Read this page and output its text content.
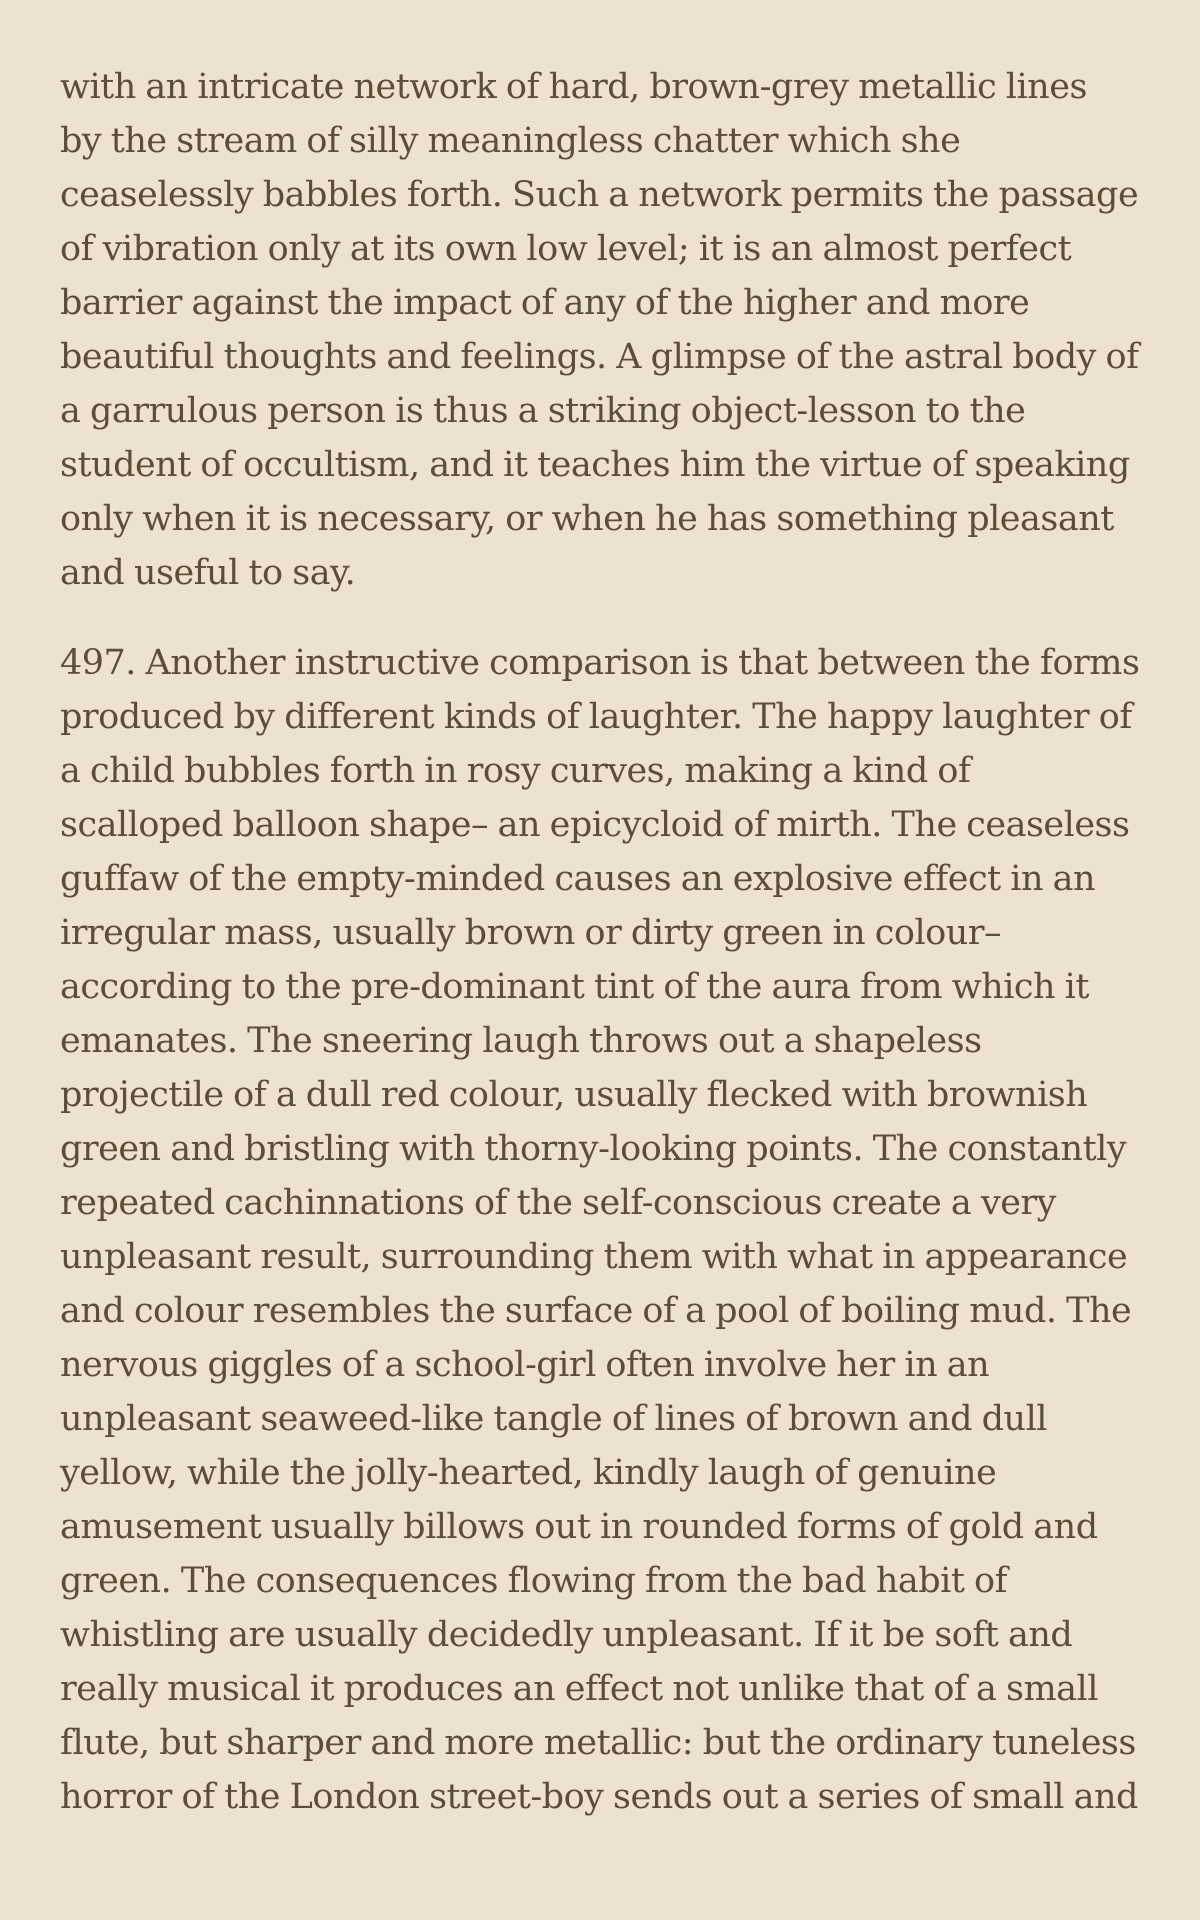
with an intricate network of hard, brown-grey metallic lines
by the stream of silly meaningless chatter which she
ceaselessly babbles forth. Such a network permits the passage
of vibration only at its own low level; it is an almost perfect
barrier against the impact of any of the higher and more
beautiful thoughts and feelings. A glimpse of the astral body of
a garrulous person is thus a striking object-lesson to the
student of occultism, and it teaches him the virtue of speaking
only when it is necessary, or when he has something pleasant
and useful to say.

497. Another instructive comparison is that between the forms
produced by different kinds of laughter. The happy laughter of
a child bubbles forth in rosy curves, making a kind of
scalloped balloon shape– an epicycloid of mirth. The ceaseless
guffaw of the empty-minded causes an explosive effect in an
irregular mass, usually brown or dirty green in colour–
according to the pre-dominant tint of the aura from which it
emanates. The sneering laugh throws out a shapeless
projectile of a dull red colour, usually flecked with brownish
green and bristling with thorny-looking points. The constantly
repeated cachinnations of the self-conscious create a very
unpleasant result, surrounding them with what in appearance
and colour resembles the surface of a pool of boiling mud. The
nervous giggles of a school-girl often involve her in an
unpleasant seaweed-like tangle of lines of brown and dull
yellow, while the jolly-hearted, kindly laugh of genuine
amusement usually billows out in rounded forms of gold and
green. The consequences flowing from the bad habit of
whistling are usually decidedly unpleasant. If it be soft and
really musical it produces an effect not unlike that of a small
flute, but sharper and more metallic: but the ordinary tuneless
horror of the London street-boy sends out a series of small and
